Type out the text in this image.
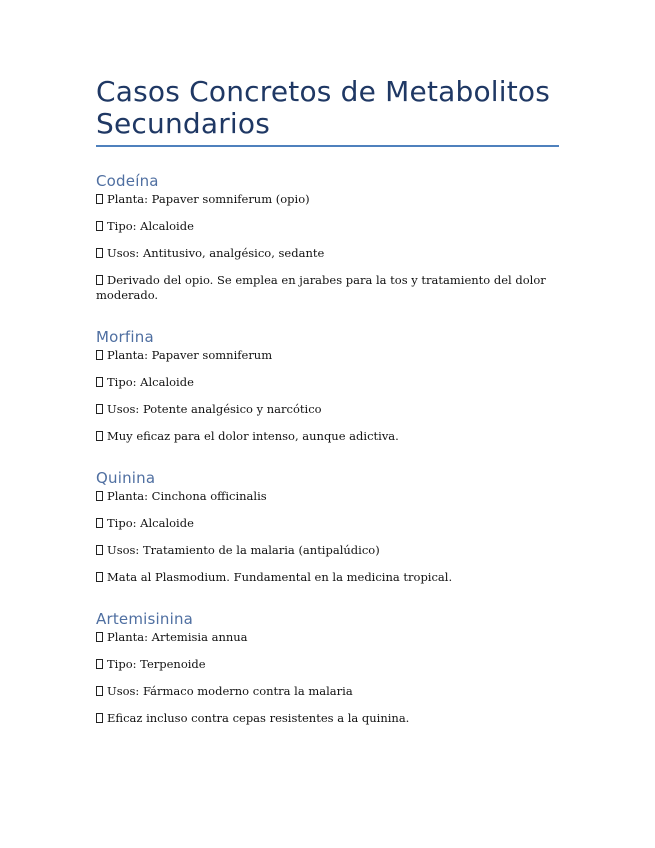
Casos Concretos de Metabolitos
Secundarios
Codeína

Planta: Papaver somniferum (opio)

Tipo: Alcaloide

Usos: Antitusivo, analgésico, sedante

Derivado del opio. Se emplea en jarabes para la tos y tratamiento del dolor moderado.

Morfina

Planta: Papaver somniferum

Tipo: Alcaloide

Usos: Potente analgésico y narcótico

Muy eficaz para el dolor intenso, aunque adictiva.

Quinina

Planta: Cinchona officinalis

Tipo: Alcaloide

Usos: Tratamiento de la malaria (antipalúdico)

Mata al Plasmodium. Fundamental en la medicina tropical.

Artemisinina

Planta: Artemisia annua

Tipo: Terpenoide

Usos: Fármaco moderno contra la malaria

Eficaz incluso contra cepas resistentes a la quinina.
